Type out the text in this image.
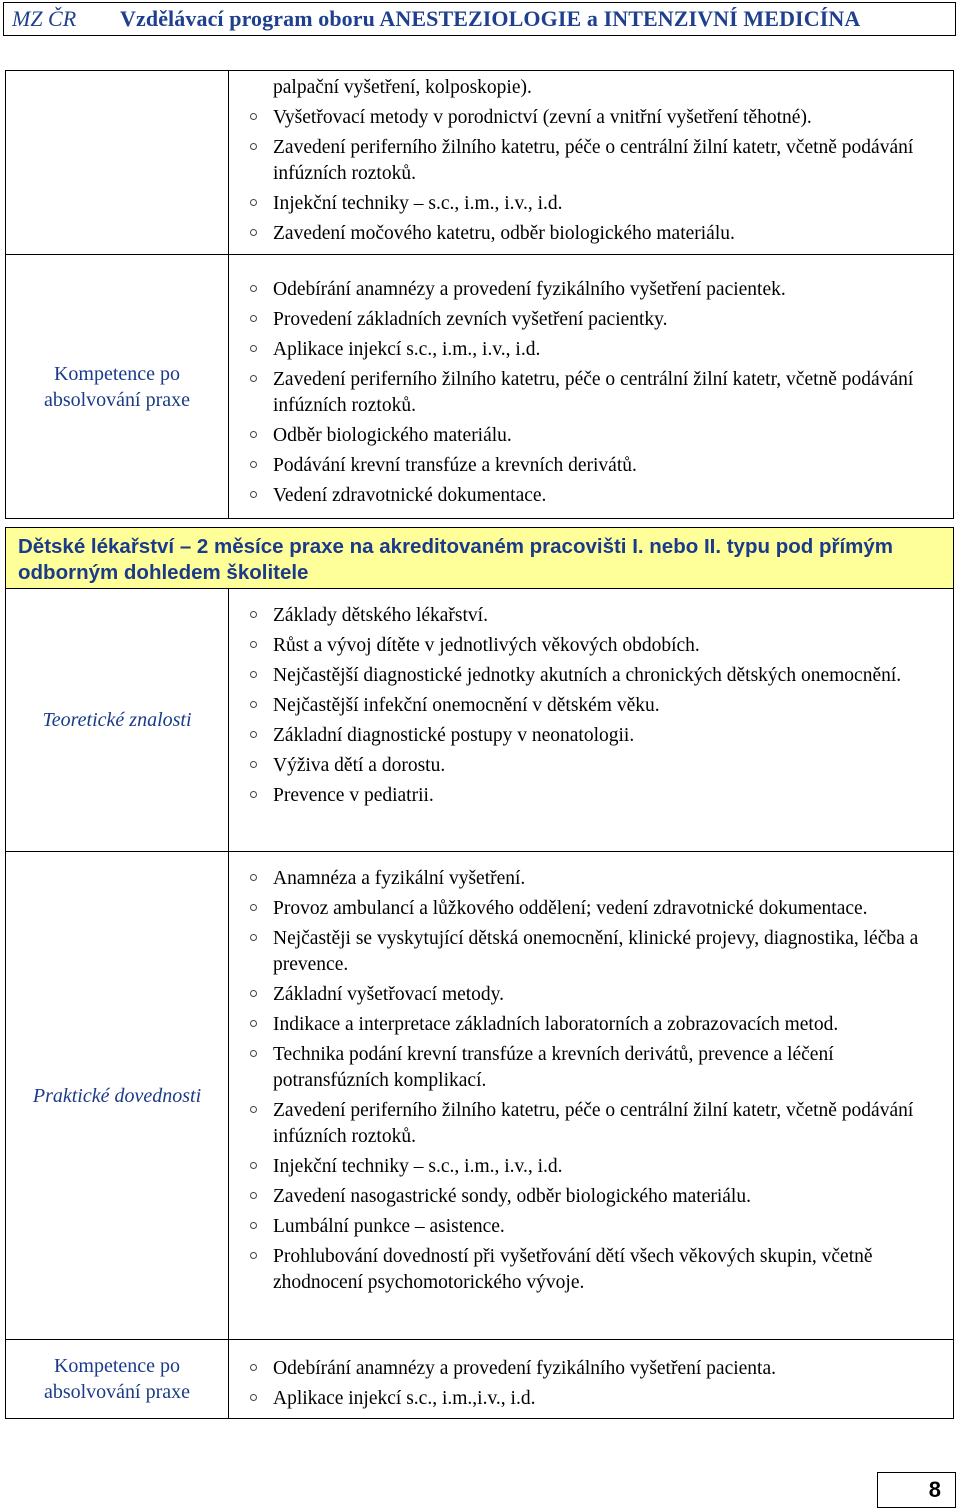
MZ ČR	Vzdělávací program oboru ANESTEZIOLOGIE a INTENZIVNÍ MEDICÍNA
palpační vyšetření, kolposkopie).
Vyšetřovací metody v porodnictví (zevní a vnitřní vyšetření těhotné).
Zavedení periferního žilního katetru, péče o centrální žilní katetr, včetně podávání infúzních roztoků.
Injekční techniky – s.c., i.m., i.v., i.d.
Zavedení močového katetru, odběr biologického materiálu.
Kompetence po absolvování praxe
Odebírání anamnézy a provedení fyzikálního vyšetření pacientek.
Provedení základních zevních vyšetření pacientky.
Aplikace injekcí s.c., i.m., i.v., i.d.
Zavedení periferního žilního katetru, péče o centrální žilní katetr, včetně podávání infúzních roztoků.
Odběr biologického materiálu.
Podávání krevní transfúze a krevních derivátů.
Vedení zdravotnické dokumentace.
Dětské lékařství – 2 měsíce praxe na akreditovaném pracovišti I. nebo II. typu pod přímým odborným dohledem školitele
Teoretické znalosti
Základy dětského lékařství.
Růst a vývoj dítěte v jednotlivých věkových obdobích.
Nejčastější diagnostické jednotky akutních a chronických dětských onemocnění.
Nejčastější infekční onemocnění v dětském věku.
Základní diagnostické postupy v neonatologii.
Výživa dětí a dorostu.
Prevence v pediatrii.
Praktické dovednosti
Anamnéza a fyzikální vyšetření.
Provoz ambulancí a lůžkového oddělení; vedení zdravotnické dokumentace.
Nejčastěji se vyskytující dětská onemocnění, klinické projevy, diagnostika, léčba a prevence.
Základní vyšetřovací metody.
Indikace a interpretace základních laboratorních a zobrazovacích metod.
Technika podání krevní transfúze a krevních derivátů, prevence a léčení potransfúzních komplikací.
Zavedení periferního žilního katetru, péče o centrální žilní katetr, včetně podávání infúzních roztoků.
Injekční techniky – s.c., i.m., i.v., i.d.
Zavedení nasogastrické sondy, odběr biologického materiálu.
Lumbální punkce – asistence.
Prohlubování dovedností při vyšetřování dětí všech věkových skupin, včetně zhodnocení psychomotorického vývoje.
Kompetence po absolvování praxe
Odebírání anamnézy a provedení fyzikálního vyšetření pacienta.
Aplikace injekcí s.c., i.m.,i.v., i.d.
8
